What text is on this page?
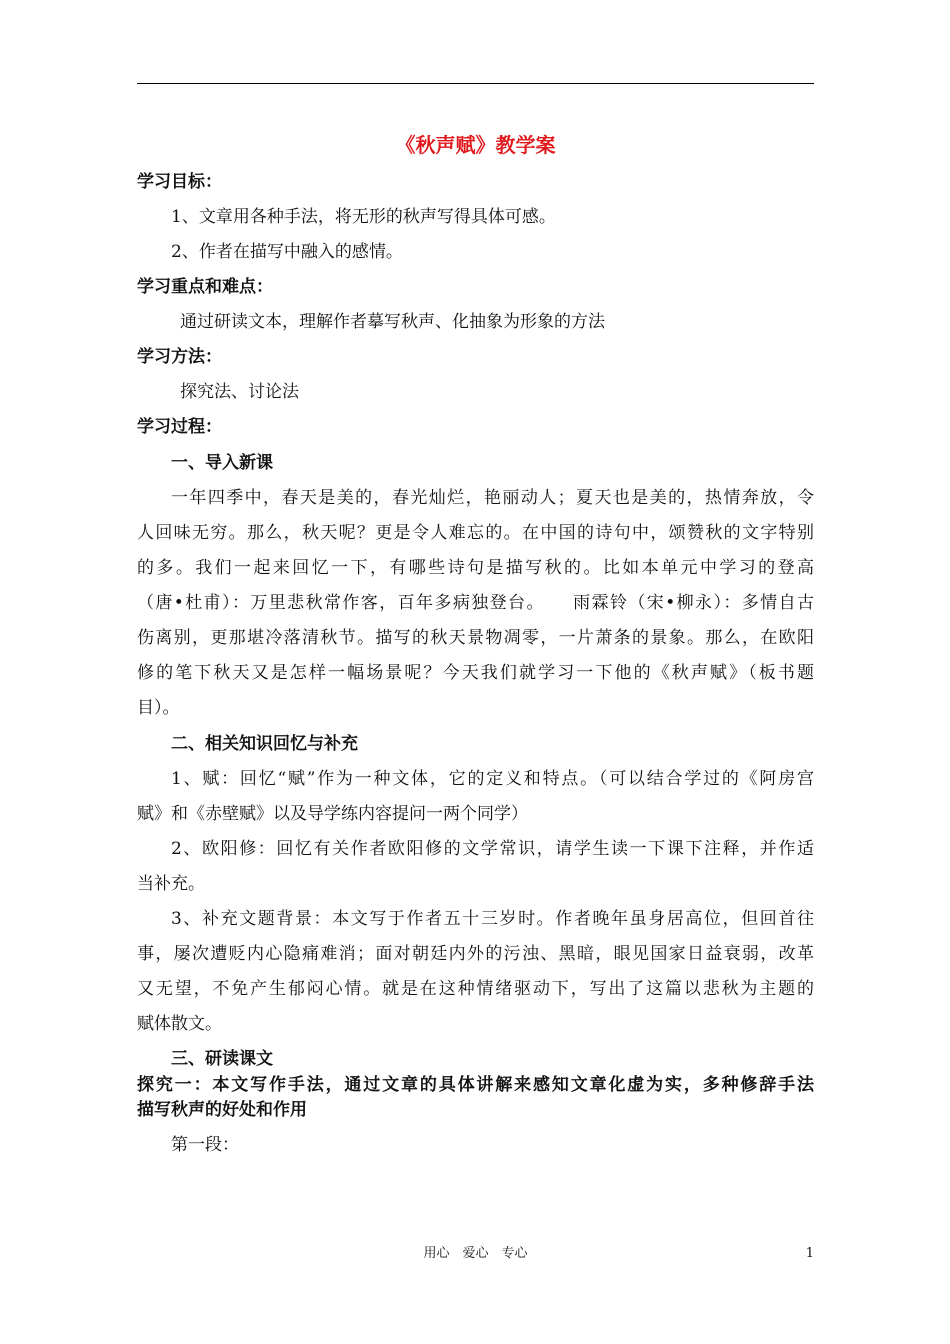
《秋声赋》教学案
学习目标：
1、文章用各种手法，将无形的秋声写得具体可感。
2、作者在描写中融入的感情。
学习重点和难点：
通过研读文本，理解作者摹写秋声、化抽象为形象的方法
学习方法：
探究法、讨论法
学习过程：
一、导入新课
一年四季中，春天是美的，春光灿烂，艳丽动人；夏天也是美的，热情奔放，令
人回味无穷。那么，秋天呢？更是令人难忘的。在中国的诗句中，颂赞秋的文字特别
的多。我们一起来回忆一下，有哪些诗句是描写秋的。比如本单元中学习的登高
（唐•杜甫）：万里悲秋常作客，百年多病独登台。　　雨霖铃（宋•柳永）：多情自古
伤离别，更那堪冷落清秋节。描写的秋天景物凋零，一片萧条的景象。那么，在欧阳
修的笔下秋天又是怎样一幅场景呢？今天我们就学习一下他的《秋声赋》（板书题
目）。
二、相关知识回忆与补充
1、赋：回忆“赋”作为一种文体，它的定义和特点。（可以结合学过的《阿房宫
赋》和《赤壁赋》以及导学练内容提问一两个同学）
2、欧阳修：回忆有关作者欧阳修的文学常识，请学生读一下课下注释，并作适
当补充。
3、补充文题背景：本文写于作者五十三岁时。作者晚年虽身居高位，但回首往
事，屡次遭贬内心隐痛难消；面对朝廷内外的污浊、黑暗，眼见国家日益衰弱，改革
又无望，不免产生郁闷心情。就是在这种情绪驱动下，写出了这篇以悲秋为主题的
赋体散文。
三、研读课文
探究一：本文写作手法，通过文章的具体讲解来感知文章化虚为实，多种修辞手法
描写秋声的好处和作用
第一段：
用心　爱心　专心	1
